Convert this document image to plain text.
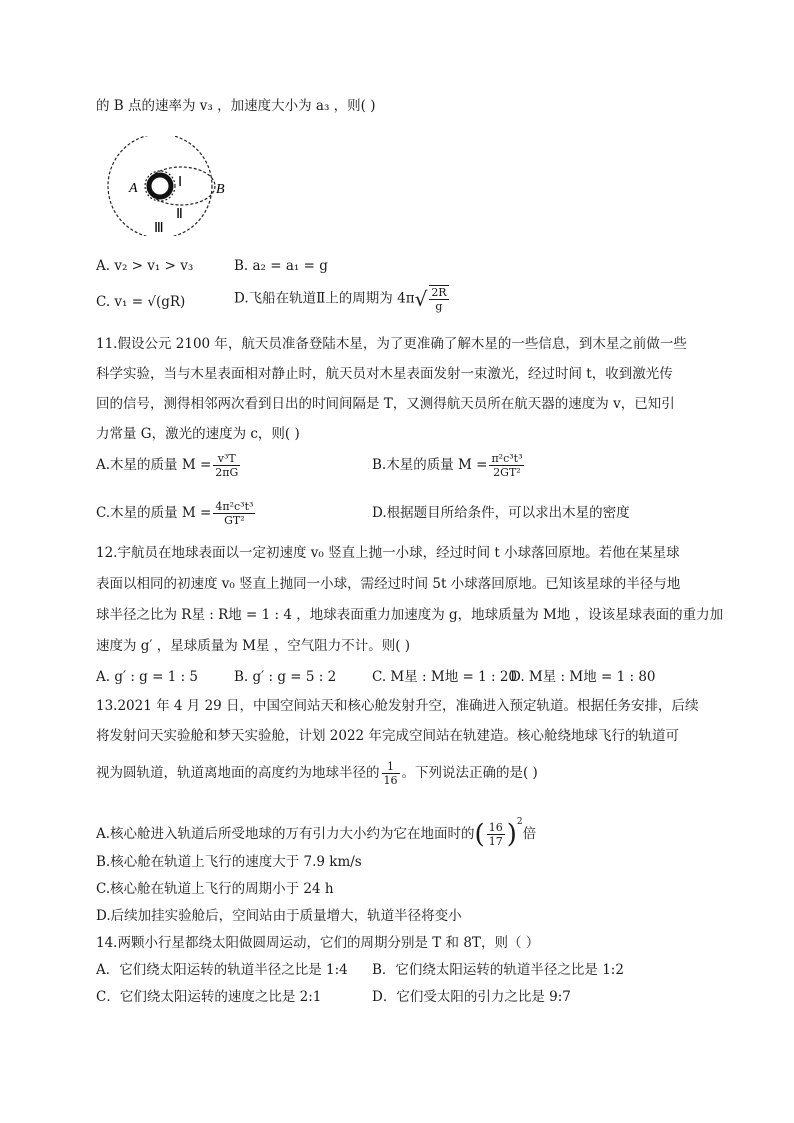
的 B 点的速率为 v₃ ，加速度大小为 a₃ ，则( )
A	Ⅰ B
Ⅱ
Ⅲ
A. v₂ > v₁ > v₃	B. a₂ = a₁ = g
C. v₁ = √(gR)	D.飞船在轨道Ⅱ上的周期为 $4\pi√ \frac{2R}{g}$
11.假设公元 2100 年，航天员准备登陆木星，为了更准确了解木星的一些信息，到木星之前做一些
科学实验，当与木星表面相对静止时，航天员对木星表面发射一束激光，经过时间 t，收到激光传
回的信号，测得相邻两次看到日出的时间间隔是 T，又测得航天员所在航天器的速度为 v，已知引
力常量 G，激光的速度为 c，则( )
A.木星的质量 $M = \frac{\text{v³T}}{2\pi G}$	B.木星的质量 $M = \frac{\text{π²c³t³}}{\text{2GT²}}$
C.木星的质量 $M = \frac{\text{4π²c³t³}}{\text{GT²}}$	D.根据题目所给条件，可以求出木星的密度
12.宇航员在地球表面以一定初速度 v₀ 竖直上抛一小球，经过时间 t 小球落回原地。若他在某星球
表面以相同的初速度 v₀ 竖直上抛同一小球，需经过时间 5t 小球落回原地。已知该星球的半径与地
球半径之比为 R星 : R地 = 1 : 4 ，地球表面重力加速度为 g，地球质量为 M地 ，设该星球表面的重力加
速度为 g′ ，星球质量为 M星 ，空气阻力不计。则( )
A. g′ : g = 1 : 5	B. g′ : g = 5 : 2	C. M星 : M地 = 1 : 20
D. M星 : M地 = 1 : 80
13.2021 年 4 月 29 日，中国空间站天和核心舱发射升空，准确进入预定轨道。根据任务安排，后续
将发射问天实验舱和梦天实验舱，计划 2022 年完成空间站在轨建造。核心舱绕地球飞行的轨道可
视为圆轨道，轨道离地面的高度约为地球半径的 $\frac{1}{16}$ 。下列说法正确的是( )
A.核心舱进入轨道后所受地球的万有引力大小约为它在地面时的( $\frac{16}{17} )^2$倍
B.核心舱在轨道上飞行的速度大于 7.9 km/s
C.核心舱在轨道上飞行的周期小于 24 h
D.后续加挂实验舱后，空间站由于质量增大，轨道半径将变小
14.两颗小行星都绕太阳做圆周运动，它们的周期分别是 T 和 8T，则（ ）
A．它们绕太阳运转的轨道半径之比是 1:4 B．它们绕太阳运转的轨道半径之比是 1:2
C．它们绕太阳运转的速度之比是 2:1	D．它们受太阳的引力之比是 9:7
